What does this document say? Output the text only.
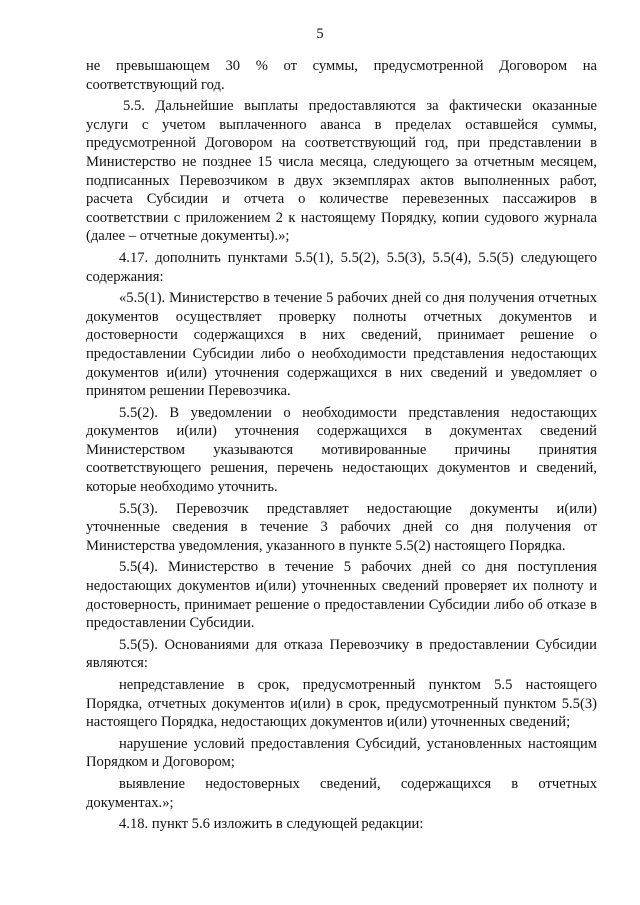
5

не превышающем 30 % от суммы, предусмотренной Договором на соответствующий год.

5.5. Дальнейшие выплаты предоставляются за фактически оказанные услуги с учетом выплаченного аванса в пределах оставшейся суммы, предусмотренной Договором на соответствующий год, при представлении в Министерство не позднее 15 числа месяца, следующего за отчетным месяцем, подписанных Перевозчиком в двух экземплярах актов выполненных работ, расчета Субсидии и отчета о количестве перевезенных пассажиров в соответствии с приложением 2 к настоящему Порядку, копии судового журнала (далее – отчетные документы).»;

4.17. дополнить пунктами 5.5(1), 5.5(2), 5.5(3), 5.5(4), 5.5(5) следующего содержания:

«5.5(1). Министерство в течение 5 рабочих дней со дня получения отчетных документов осуществляет проверку полноты отчетных документов и достоверности содержащихся в них сведений, принимает решение о предоставлении Субсидии либо о необходимости представления недостающих документов и(или) уточнения содержащихся в них сведений и уведомляет о принятом решении Перевозчика.

5.5(2). В уведомлении о необходимости представления недостающих документов и(или) уточнения содержащихся в документах сведений Министерством указываются мотивированные причины принятия соответствующего решения, перечень недостающих документов и сведений, которые необходимо уточнить.

5.5(3). Перевозчик представляет недостающие документы и(или) уточненные сведения в течение 3 рабочих дней со дня получения от Министерства уведомления, указанного в пункте 5.5(2) настоящего Порядка.

5.5(4). Министерство в течение 5 рабочих дней со дня поступления недостающих документов и(или) уточненных сведений проверяет их полноту и достоверность, принимает решение о предоставлении Субсидии либо об отказе в предоставлении Субсидии.

5.5(5). Основаниями для отказа Перевозчику в предоставлении Субсидии являются:

непредставление в срок, предусмотренный пунктом 5.5 настоящего Порядка, отчетных документов и(или) в срок, предусмотренный пунктом 5.5(3) настоящего Порядка, недостающих документов и(или) уточненных сведений;

нарушение условий предоставления Субсидий, установленных настоящим Порядком и Договором;

выявление недостоверных сведений, содержащихся в отчетных документах.»;

4.18. пункт 5.6 изложить в следующей редакции:
